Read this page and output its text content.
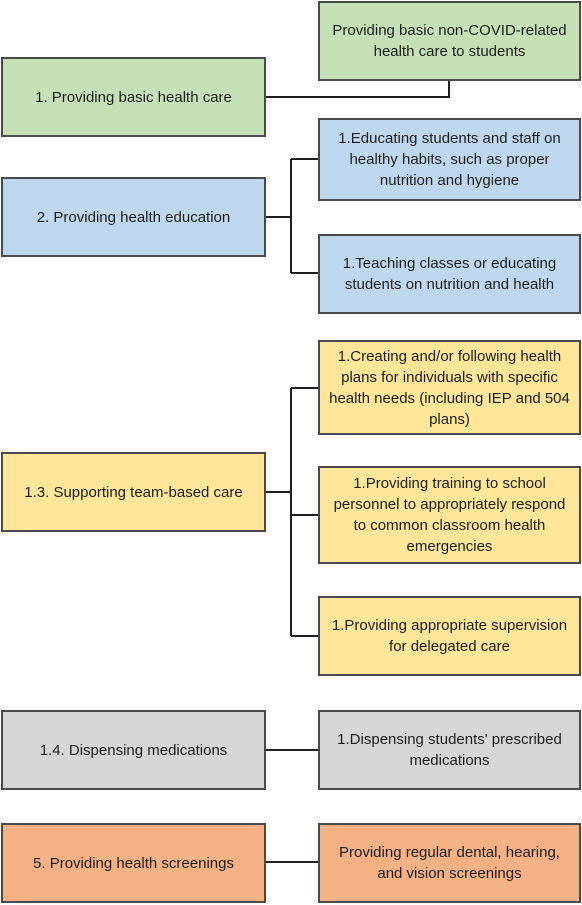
1. Providing basic health care
Providing basic non-COVID-related health care to students
2. Providing health education
1.Educating students and staff on healthy habits, such as proper nutrition and hygiene
1.Teaching classes or educating students on nutrition and health
1.3. Supporting team-based care
1.Creating and/or following health plans for individuals with specific health needs (including IEP and 504 plans)
1.Providing training to school personnel to appropriately respond to common classroom health emergencies
1.Providing appropriate supervision for delegated care
1.4. Dispensing medications
1.Dispensing students' prescribed medications
5. Providing health screenings
Providing regular dental, hearing, and vision screenings
